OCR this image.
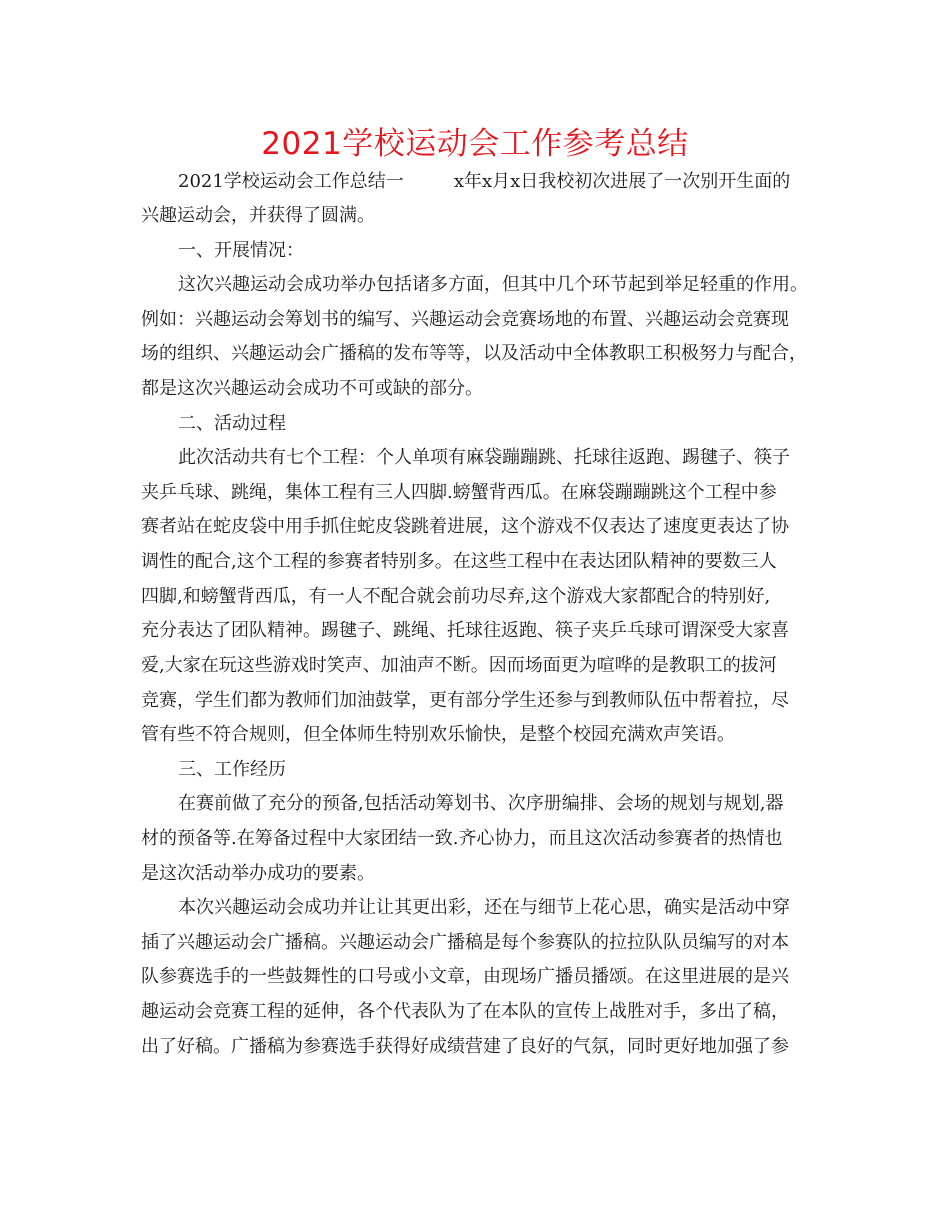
2021学校运动会工作参考总结
2021学校运动会工作总结一	x年x月x日我校初次进展了一次别开生面的
兴趣运动会，并获得了圆满。
一、开展情况：
这次兴趣运动会成功举办包括诸多方面，但其中几个环节起到举足轻重的作用。
例如：兴趣运动会筹划书的编写、兴趣运动会竞赛场地的布置、兴趣运动会竞赛现
场的组织、兴趣运动会广播稿的发布等等，以及活动中全体教职工积极努力与配合，
都是这次兴趣运动会成功不可或缺的部分。
二、活动过程
此次活动共有七个工程：个人单项有麻袋蹦蹦跳、托球往返跑、踢毽子、筷子
夹乒乓球、跳绳，集体工程有三人四脚.螃蟹背西瓜。在麻袋蹦蹦跳这个工程中参
赛者站在蛇皮袋中用手抓住蛇皮袋跳着进展，这个游戏不仅表达了速度更表达了协
调性的配合,这个工程的参赛者特别多。在这些工程中在表达团队精神的要数三人
四脚,和螃蟹背西瓜，有一人不配合就会前功尽弃,这个游戏大家都配合的特别好,
充分表达了团队精神。踢毽子、跳绳、托球往返跑、筷子夹乒乓球可谓深受大家喜
爱,大家在玩这些游戏时笑声、加油声不断。因而场面更为喧哗的是教职工的拔河
竞赛，学生们都为教师们加油鼓掌，更有部分学生还参与到教师队伍中帮着拉，尽
管有些不符合规则，但全体师生特别欢乐愉快，是整个校园充满欢声笑语。
三、工作经历
在赛前做了充分的预备,包括活动筹划书、次序册编排、会场的规划与规划,器
材的预备等.在筹备过程中大家团结一致.齐心协力，而且这次活动参赛者的热情也
是这次活动举办成功的要素。
本次兴趣运动会成功并让让其更出彩，还在与细节上花心思，确实是活动中穿
插了兴趣运动会广播稿。兴趣运动会广播稿是每个参赛队的拉拉队队员编写的对本
队参赛选手的一些鼓舞性的口号或小文章，由现场广播员播颂。在这里进展的是兴
趣运动会竞赛工程的延伸，各个代表队为了在本队的宣传上战胜对手，多出了稿，
出了好稿。广播稿为参赛选手获得好成绩营建了良好的气氛，同时更好地加强了参
